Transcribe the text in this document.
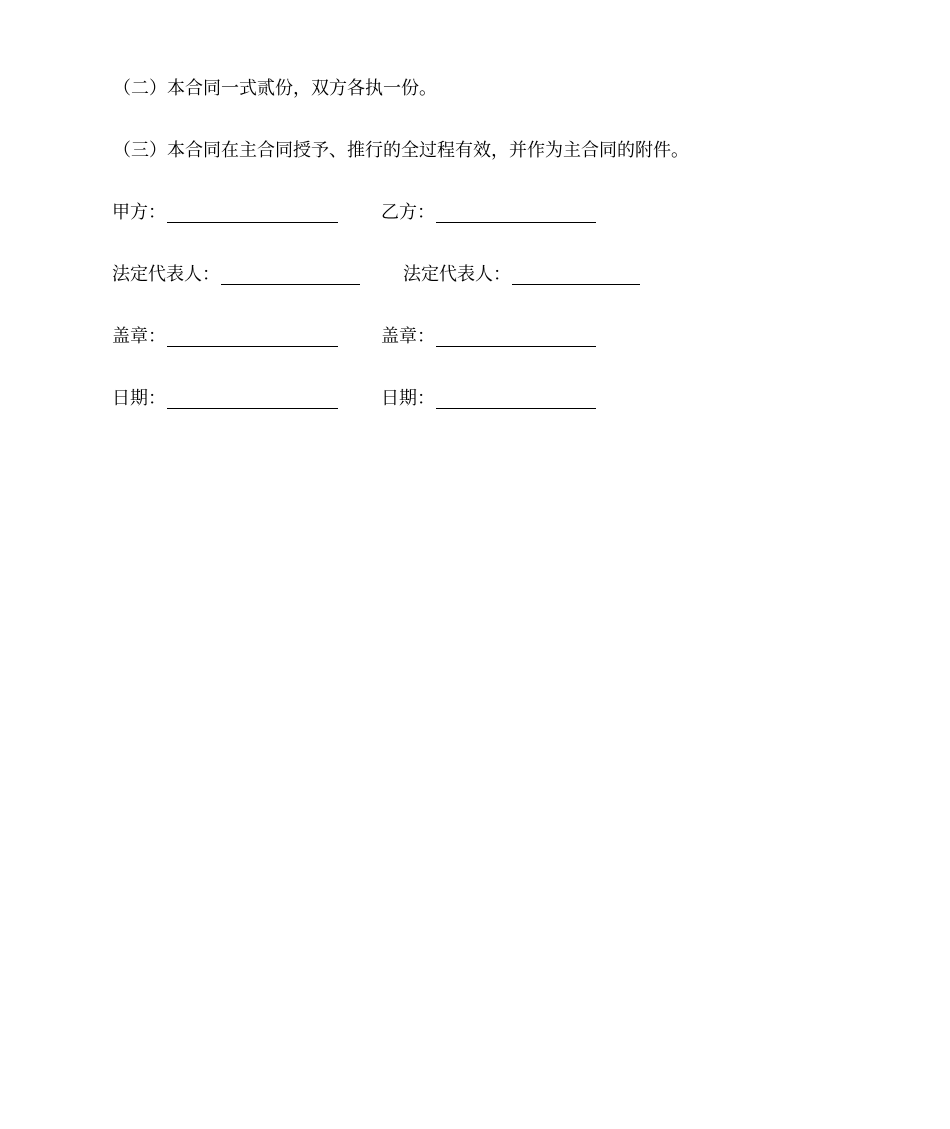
（二）本合同一式贰份，双方各执一份。
（三）本合同在主合同授予、推行的全过程有效，并作为主合同的附件。
甲方：	乙方：
法定代表人：	法定代表人：
盖章：	盖章：
日期：	日期：
